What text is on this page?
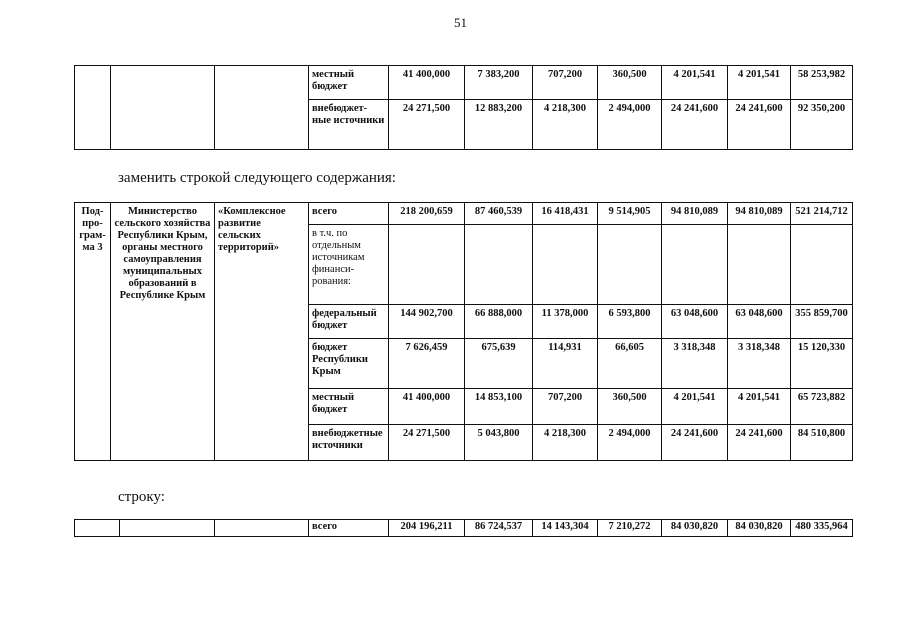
51
			местный бюджет	41 400,000	7 383,200	707,200	360,500	4 201,541	4 201,541	58 253,982
			внебюджет-ные источники	24 271,500	12 883,200	4 218,300	2 494,000	24 241,600	24 241,600	92 350,200
заменить строкой следующего содержания:
Под-про-грам-ма 3	Министерство сельского хозяйства Республики Крым, органы местного самоуправления муниципальных образований в Республике Крым	«Комплексное развитие сельских территорий»	всего	218 200,659	87 460,539	16 418,431	9 514,905	94 810,089	94 810,089	521 214,712
			в т.ч. по отдельным источникам финанси-рования:							
			федеральный бюджет	144 902,700	66 888,000	11 378,000	6 593,800	63 048,600	63 048,600	355 859,700
			бюджет Республики Крым	7 626,459	675,639	114,931	66,605	3 318,348	3 318,348	15 120,330
			местный бюджет	41 400,000	14 853,100	707,200	360,500	4 201,541	4 201,541	65 723,882
			внебюджетные источники	24 271,500	5 043,800	4 218,300	2 494,000	24 241,600	24 241,600	84 510,800
строку:
			всего	204 196,211	86 724,537	14 143,304	7 210,272	84 030,820	84 030,820	480 335,964
